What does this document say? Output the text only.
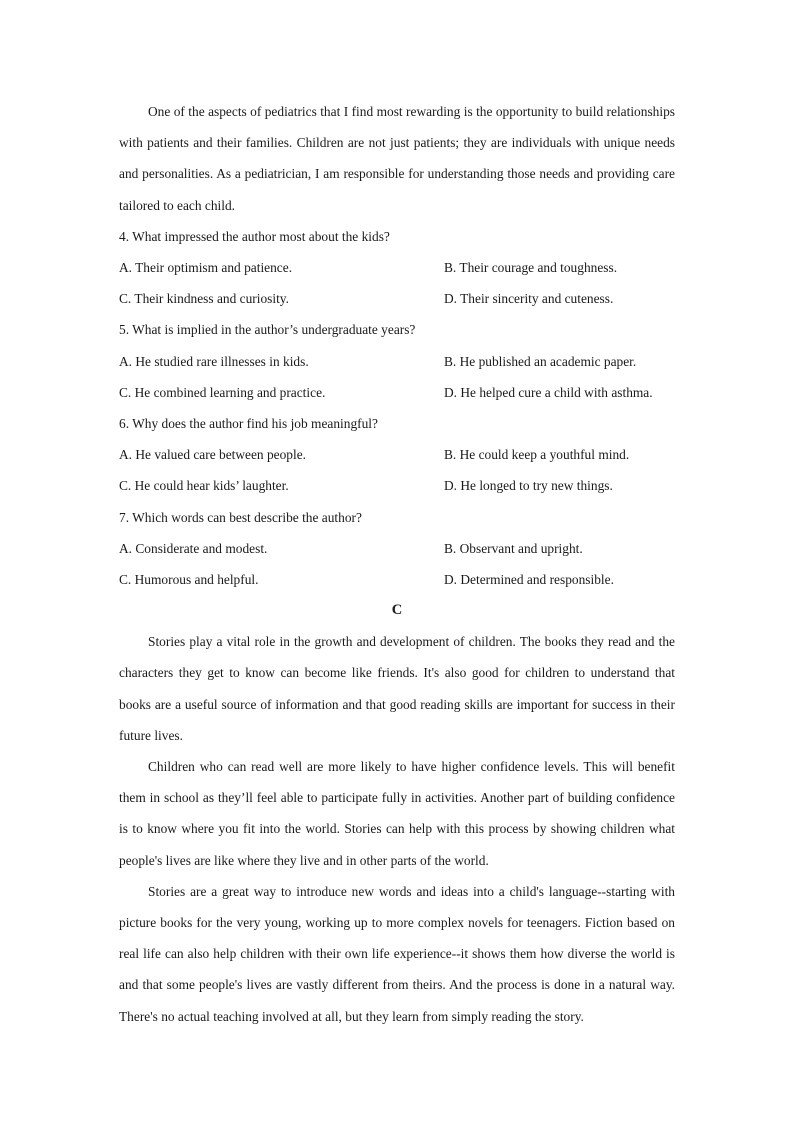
One of the aspects of pediatrics that I find most rewarding is the opportunity to build relationships with patients and their families. Children are not just patients; they are individuals with unique needs and personalities. As a pediatrician, I am responsible for understanding those needs and providing care tailored to each child.

4. What impressed the author most about the kids?

A. Their optimism and patience.	B. Their courage and toughness.
C. Their kindness and curiosity.	D. Their sincerity and cuteness.

5. What is implied in the author’s undergraduate years?

A. He studied rare illnesses in kids.	B. He published an academic paper.
C. He combined learning and practice.	D. He helped cure a child with asthma.

6. Why does the author find his job meaningful?

A. He valued care between people.	B. He could keep a youthful mind.
C. He could hear kids’ laughter.	D. He longed to try new things.

7. Which words can best describe the author?

A. Considerate and modest.	B. Observant and upright.
C. Humorous and helpful.	D. Determined and responsible.

C

Stories play a vital role in the growth and development of children. The books they read and the characters they get to know can become like friends. It's also good for children to understand that books are a useful source of information and that good reading skills are important for success in their future lives.

Children who can read well are more likely to have higher confidence levels. This will benefit them in school as they’ll feel able to participate fully in activities. Another part of building confidence is to know where you fit into the world. Stories can help with this process by showing children what people's lives are like where they live and in other parts of the world.

Stories are a great way to introduce new words and ideas into a child's language--starting with picture books for the very young, working up to more complex novels for teenagers. Fiction based on real life can also help children with their own life experience--it shows them how diverse the world is and that some people's lives are vastly different from theirs. And the process is done in a natural way. There's no actual teaching involved at all, but they learn from simply reading the story.
